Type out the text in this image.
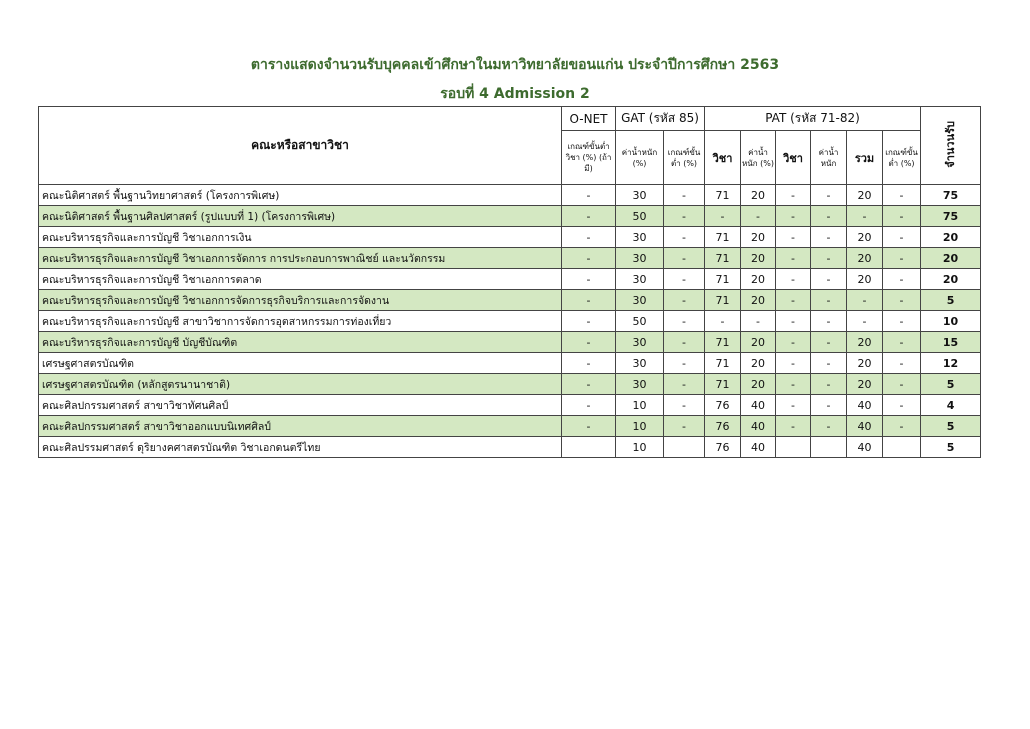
ตารางแสดงจำนวนรับบุคคลเข้าศึกษาในมหาวิทยาลัยขอนแก่น ประจำปีการศึกษา 2563
รอบที่ 4 Admission 2
คณะหรือสาขาวิชา	O-NET	GAT (รหัส 85)		PAT (รหัส 71-82)						จำนวนรับ
	เกณฑ์ขั้นต่ำวิชา (%) (ถ้ามี)	ค่าน้ำหนัก (%)	เกณฑ์ขั้นต่ำ (%)	วิชา	ค่าน้ำหนัก (%)	วิชา	ค่าน้ำหนัก	รวม	เกณฑ์ขั้นต่ำ (%)	
คณะนิติศาสตร์ พื้นฐานวิทยาศาสตร์ (โครงการพิเศษ)	-	30	-	71	20	-	-	20	-	75
คณะนิติศาสตร์ พื้นฐานศิลปศาสตร์ (รูปแบบที่ 1) (โครงการพิเศษ)	-	50	-	-	-	-	-	-	-	75
คณะบริหารธุรกิจและการบัญชี วิชาเอกการเงิน	-	30	-	71	20	-	-	20	-	20
คณะบริหารธุรกิจและการบัญชี วิชาเอกการจัดการ การประกอบการพาณิชย์ และนวัตกรรม	-	30	-	71	20	-	-	20	-	20
คณะบริหารธุรกิจและการบัญชี วิชาเอกการตลาด	-	30	-	71	20	-	-	20	-	20
คณะบริหารธุรกิจและการบัญชี วิชาเอกการจัดการธุรกิจบริการและการจัดงาน	-	30	-	71	20	-	-	-	-	5
คณะบริหารธุรกิจและการบัญชี สาขาวิชาการจัดการอุตสาหกรรมการท่องเที่ยว	-	50	-	-	-	-	-	-	-	10
คณะบริหารธุรกิจและการบัญชี บัญชีบัณฑิต	-	30	-	71	20	-	-	20	-	15
เศรษฐศาสตรบัณฑิต	-	30	-	71	20	-	-	20	-	12
เศรษฐศาสตรบัณฑิต (หลักสูตรนานาชาติ)	-	30	-	71	20	-	-	20	-	5
คณะศิลปกรรมศาสตร์ สาขาวิชาทัศนศิลป์	-	10	-	76	40	-	-	40	-	4
คณะศิลปกรรมศาสตร์ สาขาวิชาออกแบบนิเทศศิลป์	-	10	-	76	40	-	-	40	-	5
คณะศิลปรรมศาสตร์ ดุริยางคศาสตรบัณฑิต วิชาเอกดนตรีไทย		10		76	40			40		5
